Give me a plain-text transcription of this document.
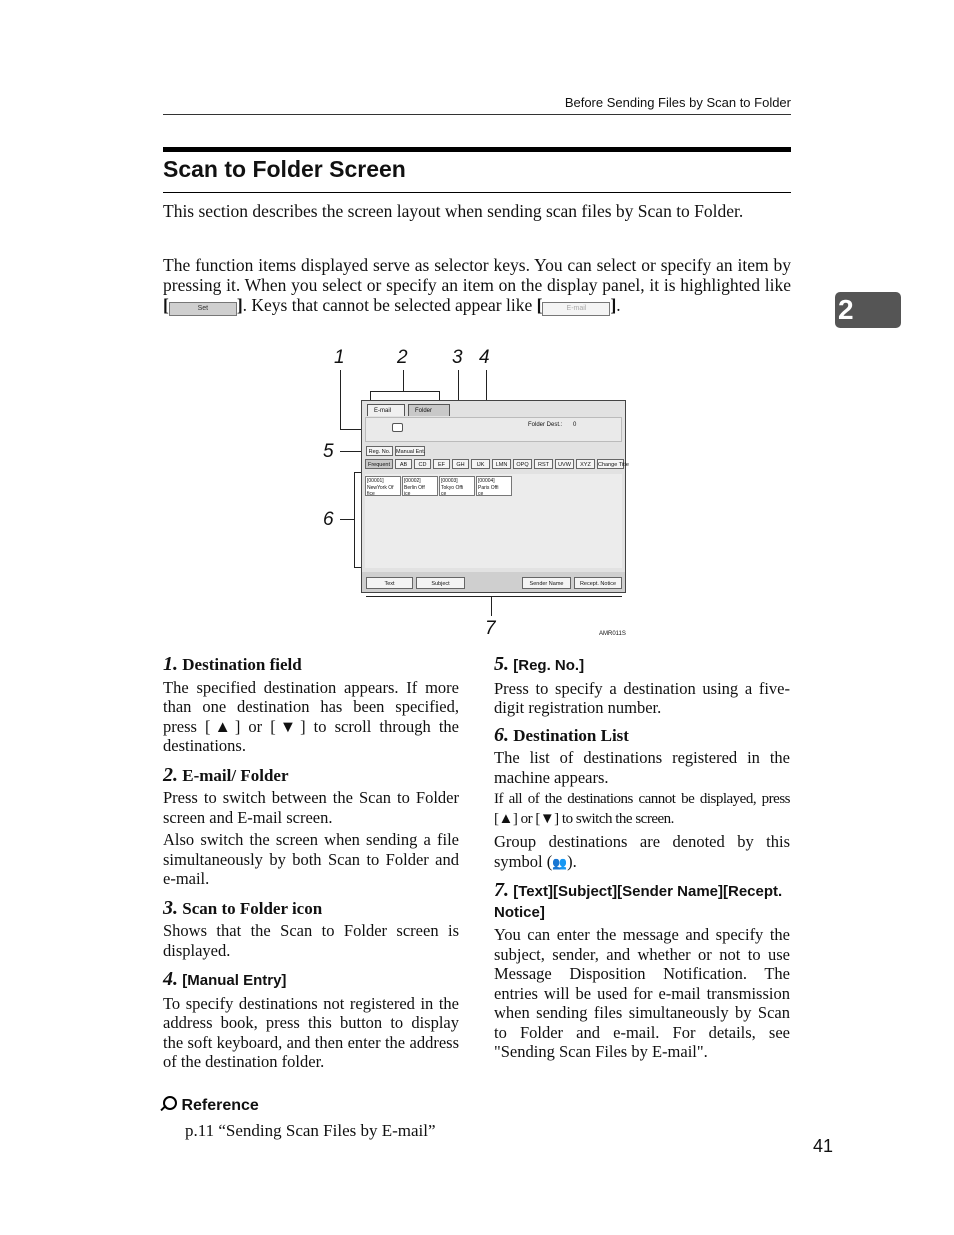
Before Sending Files by Scan to Folder
2
Scan to Folder Screen
This section describes the screen layout when sending scan files by Scan to Folder.
The function items displayed serve as selector keys. You can select or specify an item by pressing it. When you select or specify an item on the display panel, it is highlighted like [	Set ]. Keys that cannot be selected appear like [	E-mail ].
1	2 3 4
5
6
7
E-mail	Folder
Folder Dest.: 0
Reg. No.	Manual Ent.
Frequent	AB	CD	EF	GH	IJK	LMN	OPQ	RST	UVW	XYZ	Change Title
[00001]
NewYork Of
fice
[00002]
Berlin Off
ice
[00003]
Tokyo Offi
ce
[00004]
Paris Offi
ce
Text	Subject	Sender Name	Recept. Notice
AMR011S
1. Destination field
The specified destination appears. If more than one destination has been specified, press [▲] or [▼] to scroll through the destinations.
2. E-mail/ Folder
Press to switch between the Scan to Folder screen and E-mail screen.
Also switch the screen when sending a file simultaneously by both Scan to Folder and e-mail.
3. Scan to Folder icon
Shows that the Scan to Folder screen is displayed.
4. [Manual Entry]
To specify destinations not registered in the address book, press this button to display the soft keyboard, and then enter the address of the destination folder.
Reference
p.11 “Sending Scan Files by E-mail”
5. [Reg. No.]
Press to specify a destination using a five-digit registration number.
6. Destination List
The list of destinations registered in the machine appears.
If all of the destinations cannot be displayed, press [▲] or [▼] to switch the screen.
Group destinations are denoted by this symbol (👥).
7. [Text][Subject][Sender Name][Recept. Notice]
You can enter the message and specify the subject, sender, and whether or not to use Message Disposition Notification. The entries will be used for e-mail transmission when sending files simultaneously by Scan to Folder and e-mail. For details, see "Sending Scan Files by E-mail".
41
